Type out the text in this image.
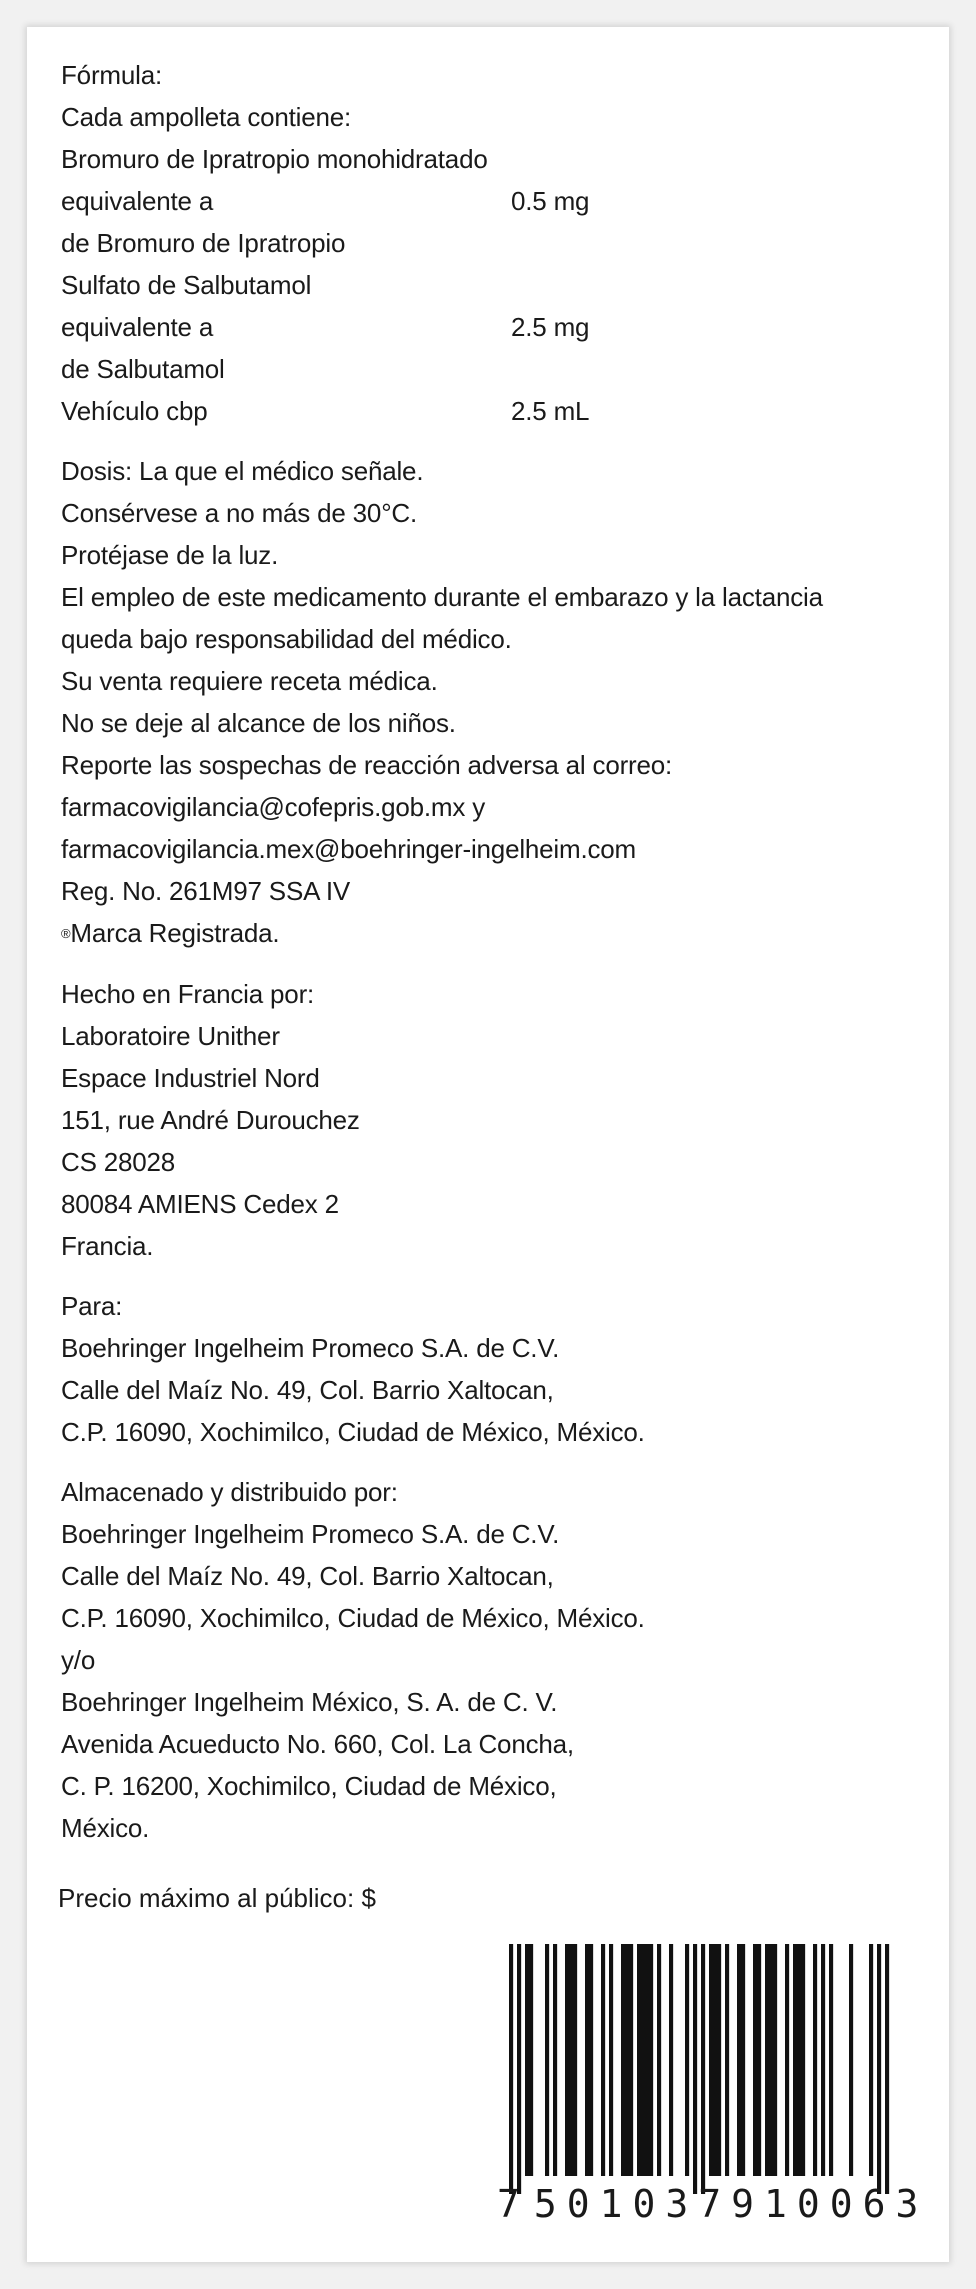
Fórmula:
Cada ampolleta contiene:
Bromuro de Ipratropio monohidratado
equivalente a	0.5 mg
de Bromuro de Ipratropio
Sulfato de Salbutamol
equivalente a	2.5 mg
de Salbutamol
Vehículo cbp	2.5 mL
Dosis: La que el médico señale.
Consérvese a no más de 30°C.
Protéjase de la luz.
El empleo de este medicamento durante el embarazo y la lactancia
queda bajo responsabilidad del médico.
Su venta requiere receta médica.
No se deje al alcance de los niños.
Reporte las sospechas de reacción adversa al correo:
farmacovigilancia@cofepris.gob.mx y
farmacovigilancia.mex@boehringer-ingelheim.com
Reg. No. 261M97 SSA IV
®Marca Registrada.
Hecho en Francia por:
Laboratoire Unither
Espace Industriel Nord
151, rue André Durouchez
CS 28028
80084 AMIENS Cedex 2
Francia.
Para:
Boehringer Ingelheim Promeco S.A. de C.V.
Calle del Maíz No. 49, Col. Barrio Xaltocan,
C.P. 16090, Xochimilco, Ciudad de México, México.
Almacenado y distribuido por:
Boehringer Ingelheim Promeco S.A. de C.V.
Calle del Maíz No. 49, Col. Barrio Xaltocan,
C.P. 16090, Xochimilco, Ciudad de México, México.
y/o
Boehringer Ingelheim México, S. A. de C. V.
Avenida Acueducto No. 660, Col. La Concha,
C. P. 16200, Xochimilco, Ciudad de México,
México.
Precio máximo al público: $
7 501037 910063
